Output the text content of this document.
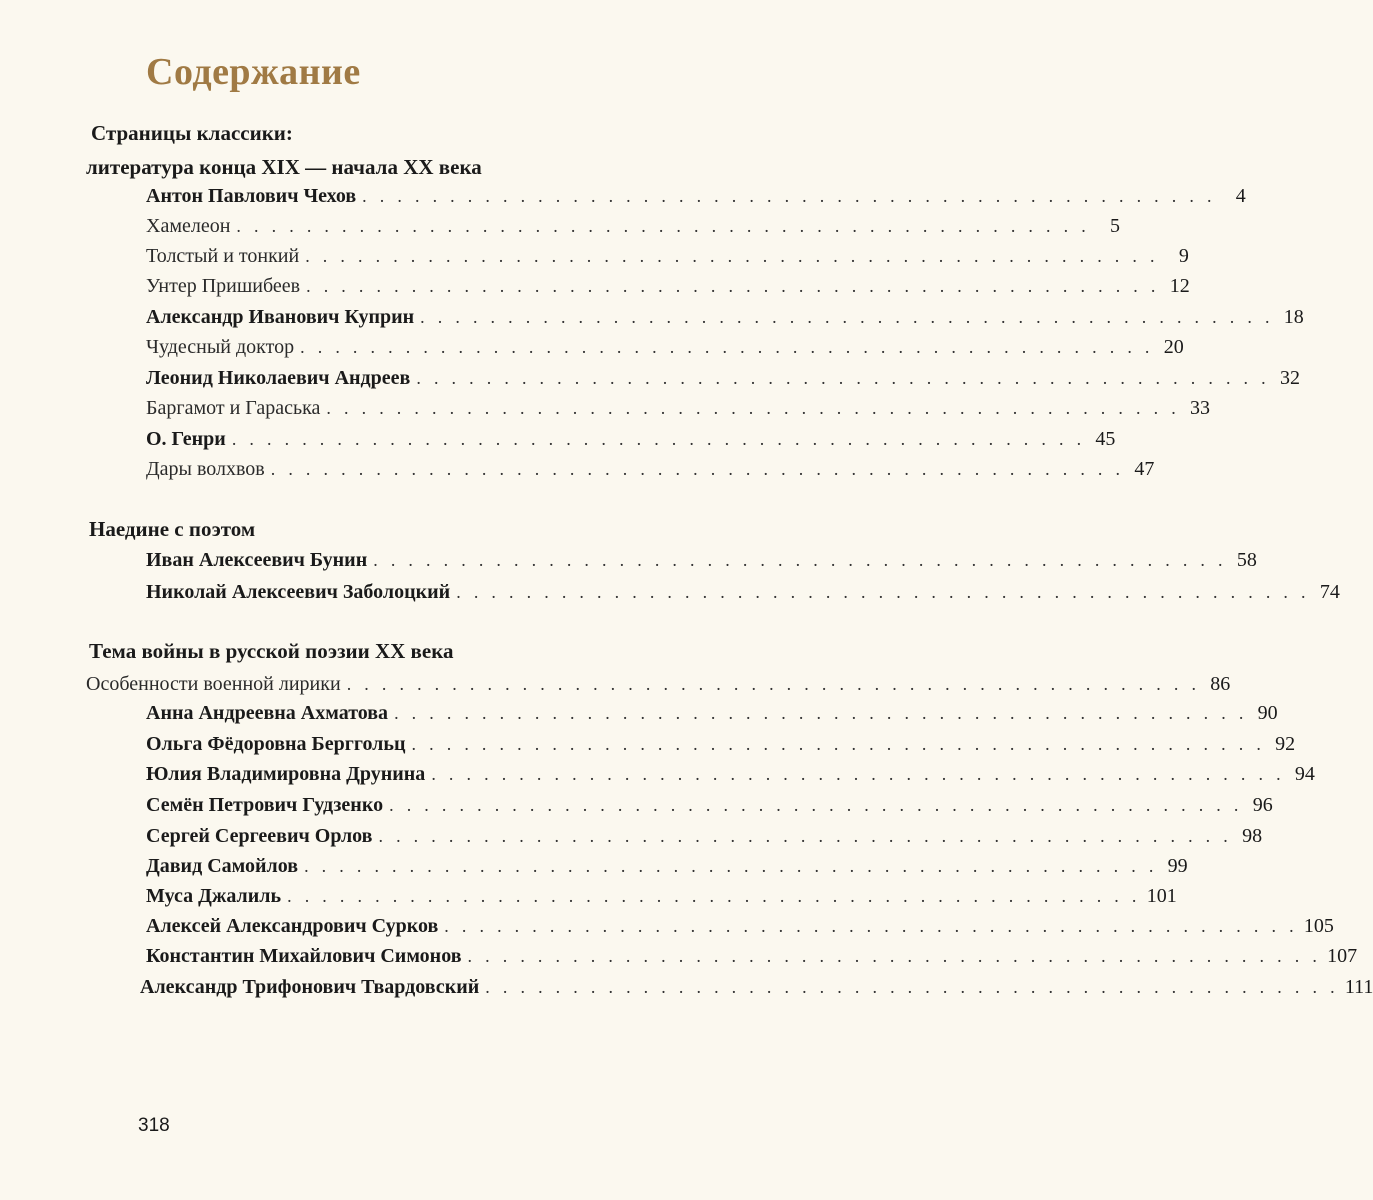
Содержание
Страницы классики:
литература конца XIX — начала XX века
Антон Павлович Чехов . . . . . . . . . . . . . . . . . . . . . . . . . . . . . . . . . . . . . . . . . . . . . . . . .	4
Хамелеон . . . . . . . . . . . . . . . . . . . . . . . . . . . . . . . . . . . . . . . . . . . . . . . . .	5
Толстый и тонкий . . . . . . . . . . . . . . . . . . . . . . . . . . . . . . . . . . . . . . . . . . . . . . . . .	9
Унтер Пришибеев . . . . . . . . . . . . . . . . . . . . . . . . . . . . . . . . . . . . . . . . . . . . . . . . . 12
Александр Иванович Куприн . . . . . . . . . . . . . . . . . . . . . . . . . . . . . . . . . . . . . . . . . . . . . . . . . 18
Чудесный доктор . . . . . . . . . . . . . . . . . . . . . . . . . . . . . . . . . . . . . . . . . . . . . . . . . 20
Леонид Николаевич Андреев . . . . . . . . . . . . . . . . . . . . . . . . . . . . . . . . . . . . . . . . . . . . . . . . . 32
Баргамот и Гараська . . . . . . . . . . . . . . . . . . . . . . . . . . . . . . . . . . . . . . . . . . . . . . . . . 33
О. Генри . . . . . . . . . . . . . . . . . . . . . . . . . . . . . . . . . . . . . . . . . . . . . . . . . 45
Дары волхвов . . . . . . . . . . . . . . . . . . . . . . . . . . . . . . . . . . . . . . . . . . . . . . . . . 47
Наедине с поэтом
Иван Алексеевич Бунин . . . . . . . . . . . . . . . . . . . . . . . . . . . . . . . . . . . . . . . . . . . . . . . . . 58
Николай Алексеевич Заболоцкий . . . . . . . . . . . . . . . . . . . . . . . . . . . . . . . . . . . . . . . . . . . . . . . . . 74
Тема войны в русской поэзии XX века
Особенности военной лирики . . . . . . . . . . . . . . . . . . . . . . . . . . . . . . . . . . . . . . . . . . . . . . . . . 86
Анна Андреевна Ахматова . . . . . . . . . . . . . . . . . . . . . . . . . . . . . . . . . . . . . . . . . . . . . . . . . 90
Ольга Фёдоровна Берггольц . . . . . . . . . . . . . . . . . . . . . . . . . . . . . . . . . . . . . . . . . . . . . . . . . 92
Юлия Владимировна Друнина . . . . . . . . . . . . . . . . . . . . . . . . . . . . . . . . . . . . . . . . . . . . . . . . . 94
Семён Петрович Гудзенко . . . . . . . . . . . . . . . . . . . . . . . . . . . . . . . . . . . . . . . . . . . . . . . . . 96
Сергей Сергеевич Орлов . . . . . . . . . . . . . . . . . . . . . . . . . . . . . . . . . . . . . . . . . . . . . . . . . 98
Давид Самойлов . . . . . . . . . . . . . . . . . . . . . . . . . . . . . . . . . . . . . . . . . . . . . . . . . 99
Муса Джалиль . . . . . . . . . . . . . . . . . . . . . . . . . . . . . . . . . . . . . . . . . . . . . . . . . 101
Алексей Александрович Сурков . . . . . . . . . . . . . . . . . . . . . . . . . . . . . . . . . . . . . . . . . . . . . . . . . 105
Константин Михайлович Симонов . . . . . . . . . . . . . . . . . . . . . . . . . . . . . . . . . . . . . . . . . . . . . . . . . 107
Александр Трифонович Твардовский . . . . . . . . . . . . . . . . . . . . . . . . . . . . . . . . . . . . . . . . . . . . . . . . . 111
318
